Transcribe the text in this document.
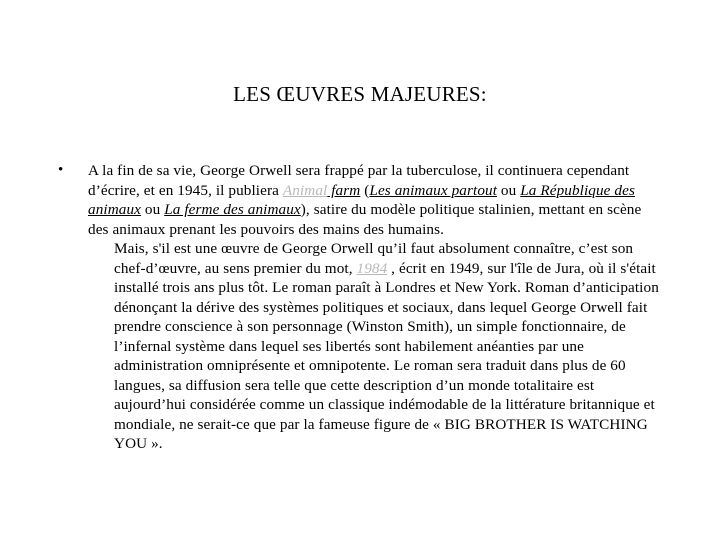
LES ŒUVRES MAJEURES:
• A la fin de sa vie, George Orwell sera frappé par la tuberculose, il continuera cependant d’écrire, et en 1945, il publiera Animal farm (Les animaux partout ou La République des animaux ou La ferme des animaux), satire du modèle politique stalinien, mettant en scène des animaux prenant les pouvoirs des mains des humains.

Mais, s'il est une œuvre de George Orwell qu’il faut absolument connaître, c’est son chef-d’œuvre, au sens premier du mot, 1984 , écrit en 1949, sur l'île de Jura, où il s'était installé trois ans plus tôt. Le roman paraît à Londres et New York. Roman d’anticipation dénonçant la dérive des systèmes politiques et sociaux, dans lequel George Orwell fait prendre conscience à son personnage (Winston Smith), un simple fonctionnaire, de l’infernal système dans lequel ses libertés sont habilement anéanties par une administration omniprésente et omnipotente. Le roman sera traduit dans plus de 60 langues, sa diffusion sera telle que cette description d’un monde totalitaire est aujourd’hui considérée comme un classique indémodable de la littérature britannique et mondiale, ne serait-ce que par la fameuse figure de « BIG BROTHER IS WATCHING YOU ».
